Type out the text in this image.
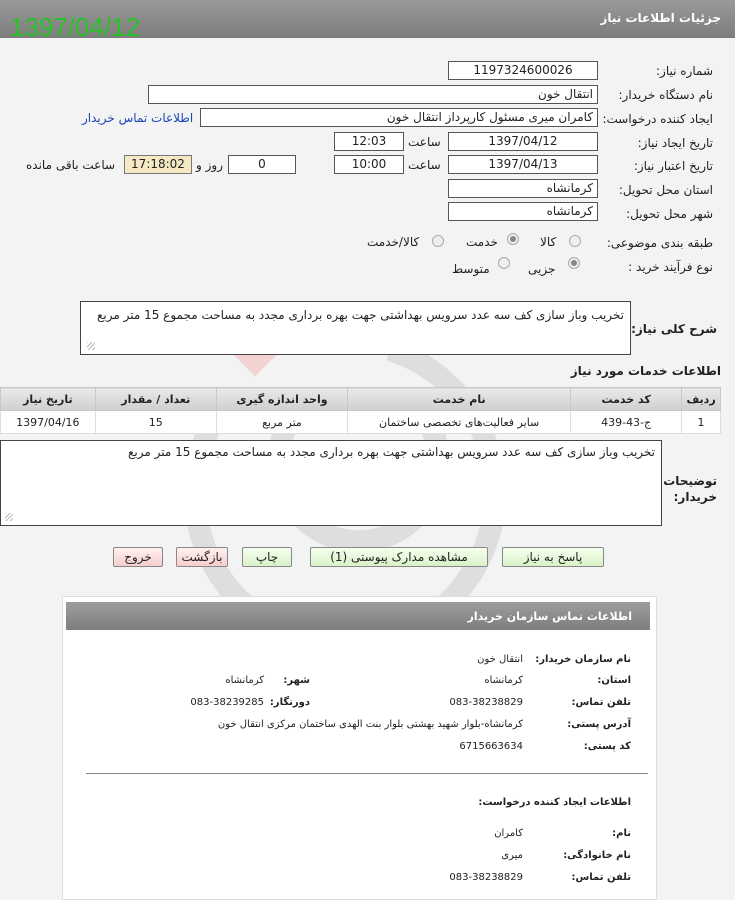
جزئیات اطلاعات نیاز
1397/04/12
شماره نیاز:
1197324600026
نام دستگاه خریدار:
انتقال خون
ایجاد کننده درخواست:
کامران میری مسئول کارپرداز انتقال خون
اطلاعات تماس خریدار
تاریخ ایجاد نیاز:
1397/04/12
ساعت
12:03
تاریخ اعتبار نیاز:
1397/04/13
ساعت
10:00
0
روز و
17:18:02
ساعت باقی مانده
استان محل تحویل:
کرمانشاه
شهر محل تحویل:
کرمانشاه
طبقه بندی موضوعی:
کالا
خدمت
کالا/خدمت
نوع فرآیند خرید :
جزیی
متوسط
شرح کلی نیاز:
تخریب وباز سازی کف سه عدد سرویس بهداشتی جهت بهره برداری مجدد به مساحت مجموع 15 متر مربع
اطلاعات خدمات مورد نیاز
ردیف	کد خدمت	نام خدمت	واحد اندازه گیری	تعداد / مقدار	تاریخ نیاز
1	ج-43-439	سایر فعالیت‌های تخصصی ساختمان	متر مربع	15	1397/04/16
توضیحات خریدار:
تخریب وباز سازی کف سه عدد سرویس بهداشتی جهت بهره برداری مجدد به مساحت مجموع 15 متر مربع
پاسخ به نیاز
مشاهده مدارک پیوستی (1)
چاپ
بازگشت
خروج
اطلاعات تماس سازمان خریدار
نام سازمان خریدار:
انتقال خون
استان:
کرمانشاه
شهر:
کرمانشاه
تلفن تماس:
083-38238829
دورنگار:
083-38239285
آدرس پستی:
کرمانشاه-بلوار شهید بهشتی بلوار بنت الهدی ساختمان مرکزی انتقال خون
کد پستی:
6715663634
اطلاعات ایجاد کننده درخواست:
نام:
کامران
نام خانوادگی:
میری
تلفن تماس:
083-38238829
